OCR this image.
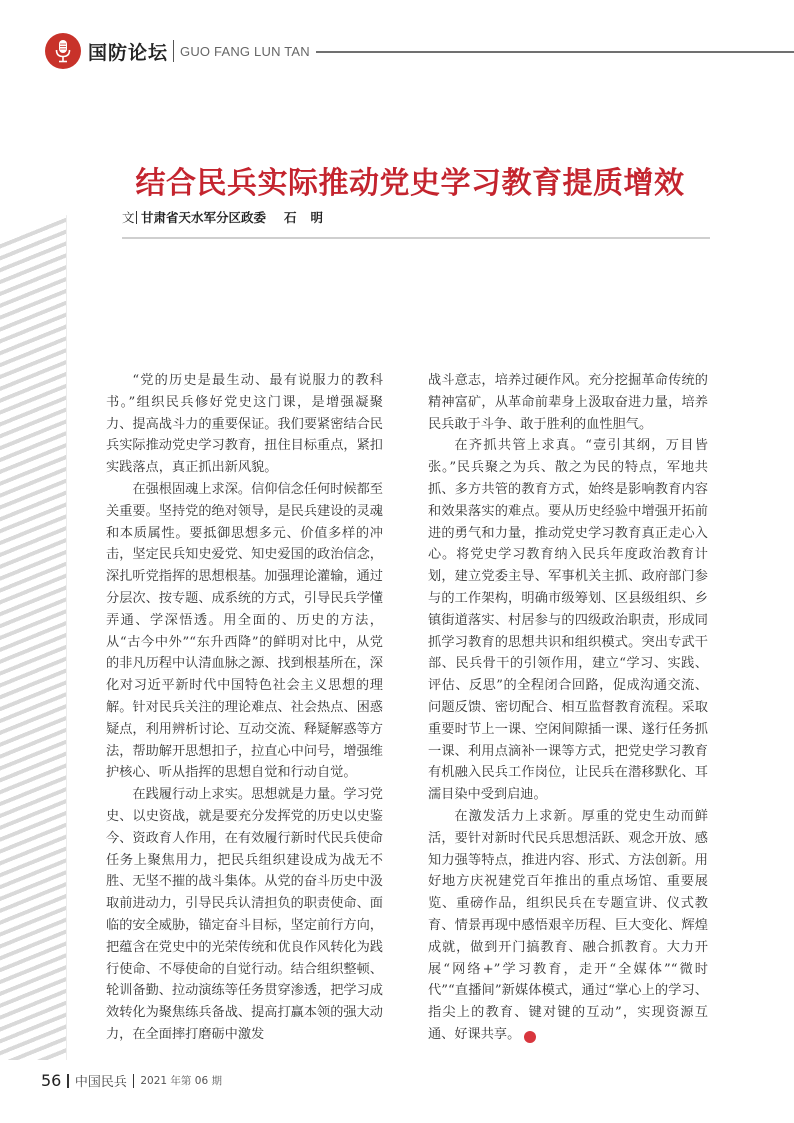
国防论坛 GUO FANG LUN TAN
结合民兵实际推动党史学习教育提质增效
文 甘肃省天水军分区政委 石明

“党的历史是最生动、最有说服力的教科书。”组织民兵修好党史这门课，是增强凝聚力、提高战斗力的重要保证。我们要紧密结合民兵实际推动党史学习教育，扭住目标重点，紧扣实践落点，真正抓出新风貌。

在强根固魂上求深。信仰信念任何时候都至关重要。坚持党的绝对领导，是民兵建设的灵魂和本质属性。要抵御思想多元、价值多样的冲击，坚定民兵知史爱党、知史爱国的政治信念，深扎听党指挥的思想根基。加强理论灌输，通过分层次、按专题、成系统的方式，引导民兵学懂弄通、学深悟透。用全面的、历史的方法，从“古今中外”“东升西降”的鲜明对比中，从党的非凡历程中认清血脉之源、找到根基所在，深化对习近平新时代中国特色社会主义思想的理解。针对民兵关注的理论难点、社会热点、困惑疑点，利用辨析讨论、互动交流、释疑解惑等方法，帮助解开思想扣子，拉直心中问号，增强维护核心、听从指挥的思想自觉和行动自觉。

在践履行动上求实。思想就是力量。学习党史、以史资战，就是要充分发挥党的历史以史鉴今、资政育人作用，在有效履行新时代民兵使命任务上聚焦用力，把民兵组织建设成为战无不胜、无坚不摧的战斗集体。从党的奋斗历史中汲取前进动力，引导民兵认清担负的职责使命、面临的安全威胁，锚定奋斗目标，坚定前行方向，把蕴含在党史中的光荣传统和优良作风转化为践行使命、不辱使命的自觉行动。结合组织整顿、轮训备勤、拉动演练等任务贯穿渗透，把学习成效转化为聚焦练兵备战、提高打赢本领的强大动力，在全面摔打磨砺中激发

战斗意志，培养过硬作风。充分挖掘革命传统的精神富矿，从革命前辈身上汲取奋进力量，培养民兵敢于斗争、敢于胜利的血性胆气。

在齐抓共管上求真。“壹引其纲，万目皆张。”民兵聚之为兵、散之为民的特点，军地共抓、多方共管的教育方式，始终是影响教育内容和效果落实的难点。要从历史经验中增强开拓前进的勇气和力量，推动党史学习教育真正走心入心。将党史学习教育纳入民兵年度政治教育计划，建立党委主导、军事机关主抓、政府部门参与的工作架构，明确市级筹划、区县级组织、乡镇街道落实、村居参与的四级政治职责，形成同抓学习教育的思想共识和组织模式。突出专武干部、民兵骨干的引领作用，建立“学习、实践、评估、反思”的全程闭合回路，促成沟通交流、问题反馈、密切配合、相互监督教育流程。采取重要时节上一课、空闲间隙插一课、遂行任务抓一课、利用点滴补一课等方式，把党史学习教育有机融入民兵工作岗位，让民兵在潜移默化、耳濡目染中受到启迪。

在激发活力上求新。厚重的党史生动而鲜活，要针对新时代民兵思想活跃、观念开放、感知力强等特点，推进内容、形式、方法创新。用好地方庆祝建党百年推出的重点场馆、重要展览、重磅作品，组织民兵在专题宣讲、仪式教育、情景再现中感悟艰辛历程、巨大变化、辉煌成就，做到开门搞教育、融合抓教育。大力开展“网络+”学习教育，走开“全媒体”“微时代”“直播间”新媒体模式，通过“掌心上的学习、指尖上的教育、键对键的互动”，实现资源互通、好课共享。	⚑

56 中国民兵 2021 年第 06 期
